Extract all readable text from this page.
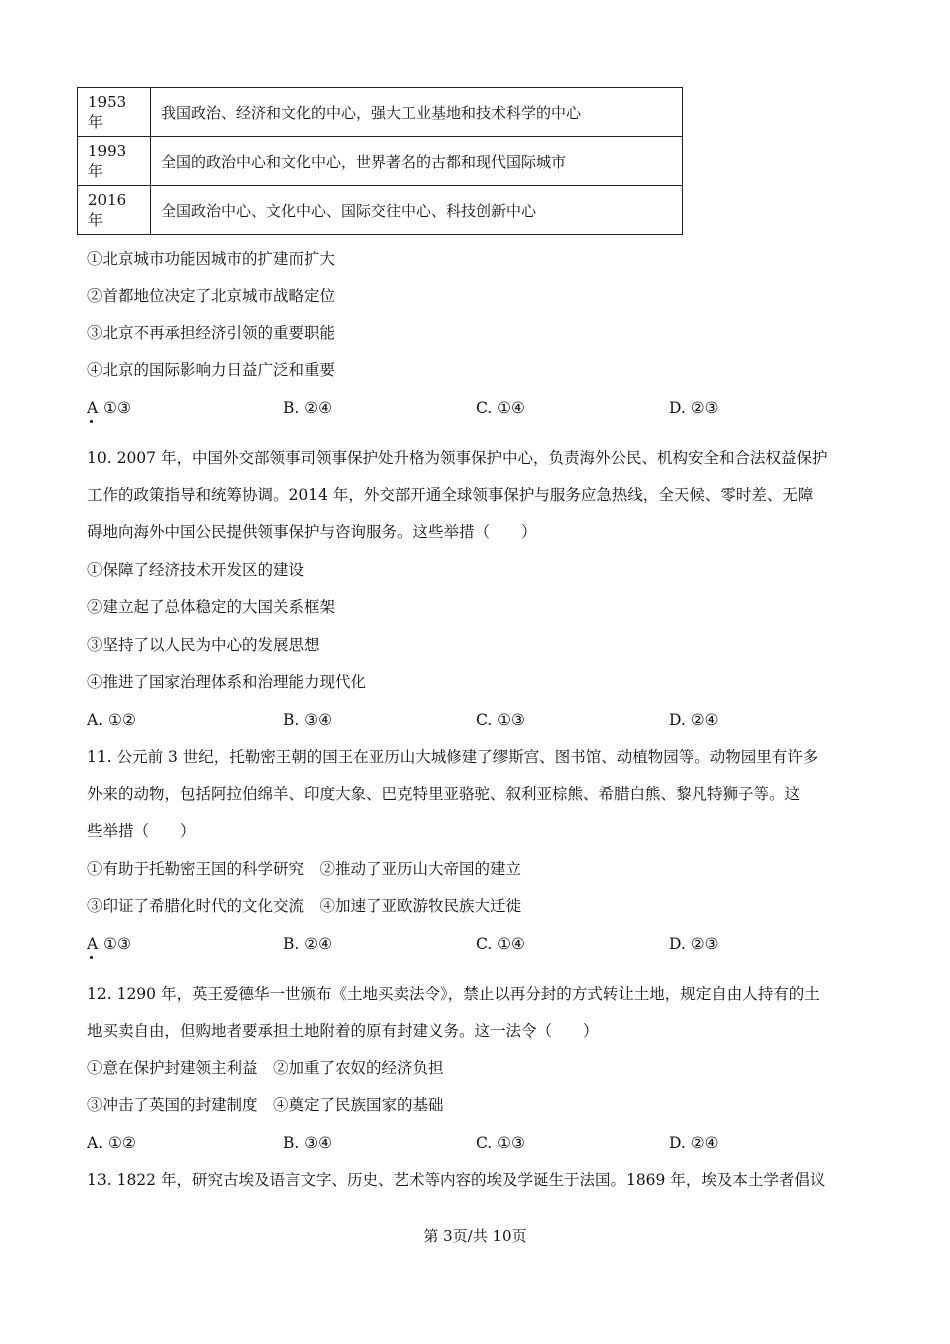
1953 年	我国政治、经济和文化的中心，强大工业基地和技术科学的中心
1993 年	全国的政治中心和文化中心，世界著名的古都和现代国际城市
2016 年	全国政治中心、文化中心、国际交往中心、科技创新中心
①北京城市功能因城市的扩建而扩大
②首都地位决定了北京城市战略定位
③北京不再承担经济引领的重要职能
④北京的国际影响力日益广泛和重要
A ①③	B. ②④	C. ①④	D. ②③
10. 2007 年，中国外交部领事司领事保护处升格为领事保护中心，负责海外公民、机构安全和合法权益保护
工作的政策指导和统筹协调。2014 年，外交部开通全球领事保护与服务应急热线，全天候、零时差、无障
碍地向海外中国公民提供领事保护与咨询服务。这些举措（　　）
①保障了经济技术开发区的建设
②建立起了总体稳定的大国关系框架
③坚持了以人民为中心的发展思想
④推进了国家治理体系和治理能力现代化
A. ①②	B. ③④	C. ①③	D. ②④
11. 公元前 3 世纪，托勒密王朝的国王在亚历山大城修建了缪斯宫、图书馆、动植物园等。动物园里有许多
外来的动物，包括阿拉伯绵羊、印度大象、巴克特里亚骆驼、叙利亚棕熊、希腊白熊、黎凡特狮子等。这
些举措（　　）
①有助于托勒密王国的科学研究　②推动了亚历山大帝国的建立
③印证了希腊化时代的文化交流　④加速了亚欧游牧民族大迁徙
A ①③	B. ②④	C. ①④	D. ②③
12. 1290 年，英王爱德华一世颁布《土地买卖法令》，禁止以再分封的方式转让土地，规定自由人持有的土
地买卖自由，但购地者要承担土地附着的原有封建义务。这一法令（　　）
①意在保护封建领主利益　②加重了农奴的经济负担
③冲击了英国的封建制度　④奠定了民族国家的基础
A. ①②	B. ③④	C. ①③	D. ②④
13. 1822 年，研究古埃及语言文字、历史、艺术等内容的埃及学诞生于法国。1869 年，埃及本土学者倡议
第 3页/共 10页
